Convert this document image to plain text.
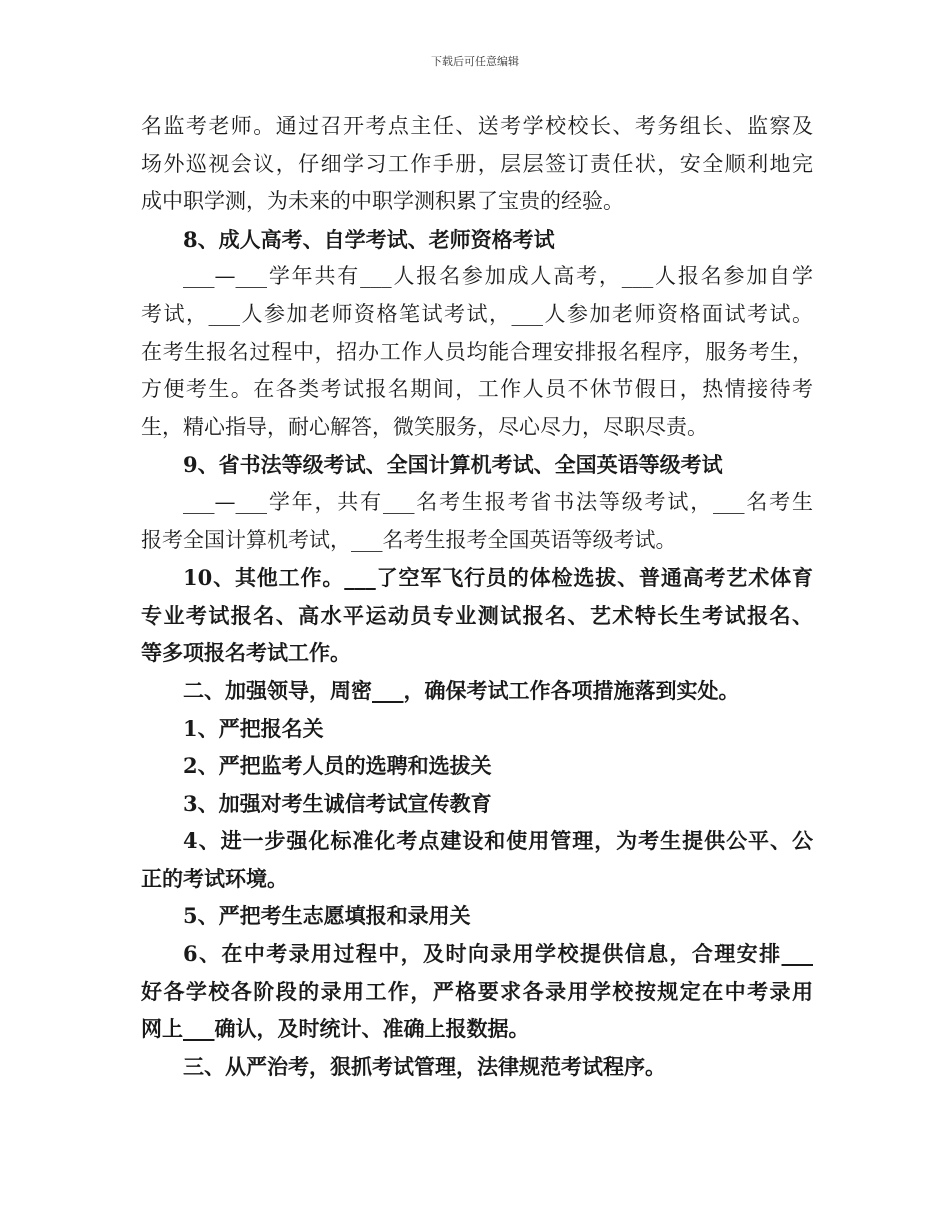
下载后可任意编辑
名监考老师。通过召开考点主任、送考学校校长、考务组长、监察及
场外巡视会议，仔细学习工作手册，层层签订责任状，安全顺利地完
成中职学测，为未来的中职学测积累了宝贵的经验。
8、成人高考、自学考试、老师资格考试
___—___学年共有___人报名参加成人高考，___人报名参加自学
考试，___人参加老师资格笔试考试，___人参加老师资格面试考试。
在考生报名过程中，招办工作人员均能合理安排报名程序，服务考生，
方便考生。在各类考试报名期间，工作人员不休节假日，热情接待考
生，精心指导，耐心解答，微笑服务，尽心尽力，尽职尽责。
9、省书法等级考试、全国计算机考试、全国英语等级考试
___—___学年，共有___名考生报考省书法等级考试，___名考生
报考全国计算机考试，___名考生报考全国英语等级考试。
10、其他工作。___了空军飞行员的体检选拔、普通高考艺术体育
专业考试报名、高水平运动员专业测试报名、艺术特长生考试报名、
等多项报名考试工作。
二、加强领导，周密___，确保考试工作各项措施落到实处。
1、严把报名关
2、严把监考人员的选聘和选拔关
3、加强对考生诚信考试宣传教育
4、进一步强化标准化考点建设和使用管理，为考生提供公平、公
正的考试环境。
5、严把考生志愿填报和录用关
6、在中考录用过程中，及时向录用学校提供信息，合理安排___
好各学校各阶段的录用工作，严格要求各录用学校按规定在中考录用
网上___确认，及时统计、准确上报数据。
三、从严治考，狠抓考试管理，法律规范考试程序。
